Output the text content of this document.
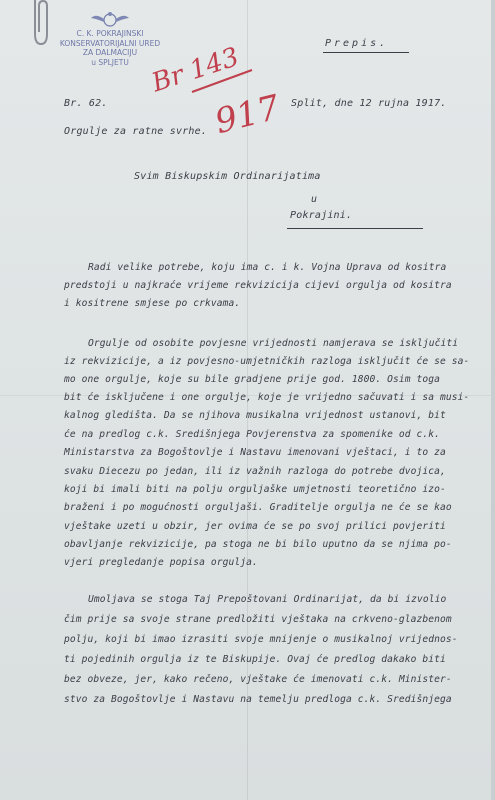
C. K. POKRAJINSKI
KONSERVATORIJALNI URED
ZA DALMACIJU
u SPLJETU Br 143
917
Prepis.
Br. 62.	Split, dne 12 rujna 1917.
Orgulje za ratne svrhe.
Svim Biskupskim Ordinarijatima
u
Pokrajini.
Radi velike potrebe, koju ima c. i k. Vojna Uprava od kositra
predstoji u najkraće vrijeme rekvizicija cijevi orgulja od kositra
i kositrene smjese po crkvama.
Orgulje od osobite povjesne vrijednosti namjerava se isključiti
iz rekvizicije, a iz povjesno-umjetničkih razloga isključit će se sa-
mo one orgulje, koje su bile gradjene prije god. 1800. Osim toga
bit će isključene i one orgulje, koje je vrijedno sačuvati i sa musi-
kalnog gledišta. Da se njihova musikalna vrijednost ustanovi, bit
će na predlog c.k. Središnjega Povjerenstva za spomenike od c.k.
Ministarstva za Bogoštovlje i Nastavu imenovani vještaci, i to za
svaku Diecezu po jedan, ili iz važnih razloga do potrebe dvojica,
koji bi imali biti na polju orguljaške umjetnosti teoretično izo-
braženi i po mogućnosti orguljaši. Graditelje orgulja ne će se kao
vještake uzeti u obzir, jer ovima će se po svoj prilici povjeriti
obavljanje rekvizicije, pa stoga ne bi bilo uputno da se njima po-
vjeri pregledanje popisa orgulja.
Umoljava se stoga Taj Prepoštovani Ordinarijat, da bi izvolio
čim prije sa svoje strane predložiti vještaka na crkveno-glazbenom
polju, koji bi imao izrasiti svoje mnijenje o musikalnoj vrijednos-
ti pojedinih orgulja iz te Biskupije. Ovaj će predlog dakako biti
bez obveze, jer, kako rečeno, vještake će imenovati c.k. Minister-
stvo za Bogoštovlje i Nastavu na temelju predloga c.k. Središnjega
